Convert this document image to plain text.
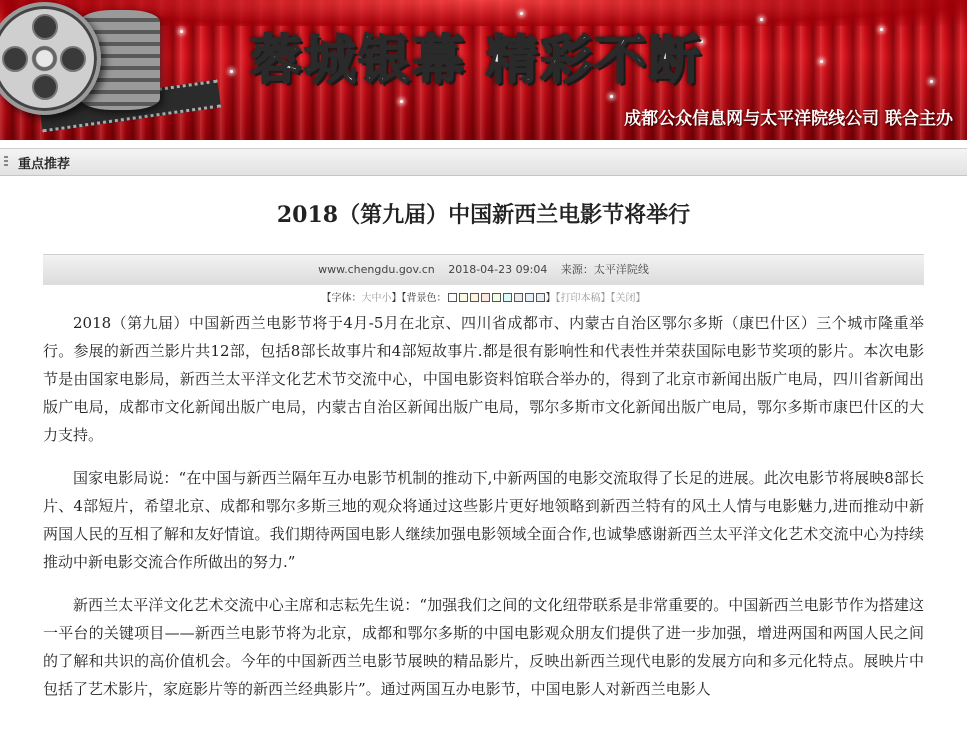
蓉城银幕 精彩不断
成都公众信息网与太平洋院线公司 联合主办
重点推荐
2018（第九届）中国新西兰电影节将举行
www.chengdu.gov.cn 2018-04-23 09:04 来源：太平洋院线
【字体：大中小】【背景色：	】【打印本稿】【关闭】

2018（第九届）中国新西兰电影节将于4月-5月在北京、四川省成都市、内蒙古自治区鄂尔多斯（康巴什区）三个城市隆重举行。参展的新西兰影片共12部，包括8部长故事片和4部短故事片.都是很有影响性和代表性并荣获国际电影节奖项的影片。本次电影节是由国家电影局，新西兰太平洋文化艺术节交流中心，中国电影资料馆联合举办的，得到了北京市新闻出版广电局，四川省新闻出版广电局，成都市文化新闻出版广电局，内蒙古自治区新闻出版广电局，鄂尔多斯市文化新闻出版广电局，鄂尔多斯市康巴什区的大力支持。

国家电影局说：“在中国与新西兰隔年互办电影节机制的推动下,中新两国的电影交流取得了长足的进展。此次电影节将展映8部长片、4部短片，希望北京、成都和鄂尔多斯三地的观众将通过这些影片更好地领略到新西兰特有的风土人情与电影魅力,进而推动中新两国人民的互相了解和友好情谊。我们期待两国电影人继续加强电影领域全面合作,也诚挚感谢新西兰太平洋文化艺术交流中心为持续推动中新电影交流合作所做出的努力.”

新西兰太平洋文化艺术交流中心主席和志耘先生说：“加强我们之间的文化纽带联系是非常重要的。中国新西兰电影节作为搭建这一平台的关键项目——新西兰电影节将为北京，成都和鄂尔多斯的中国电影观众朋友们提供了进一步加强，增进两国和两国人民之间的了解和共识的高价值机会。今年的中国新西兰电影节展映的精品影片，反映出新西兰现代电影的发展方向和多元化特点。展映片中包括了艺术影片，家庭影片等的新西兰经典影片”。通过两国互办电影节，中国电影人对新西兰电影人
